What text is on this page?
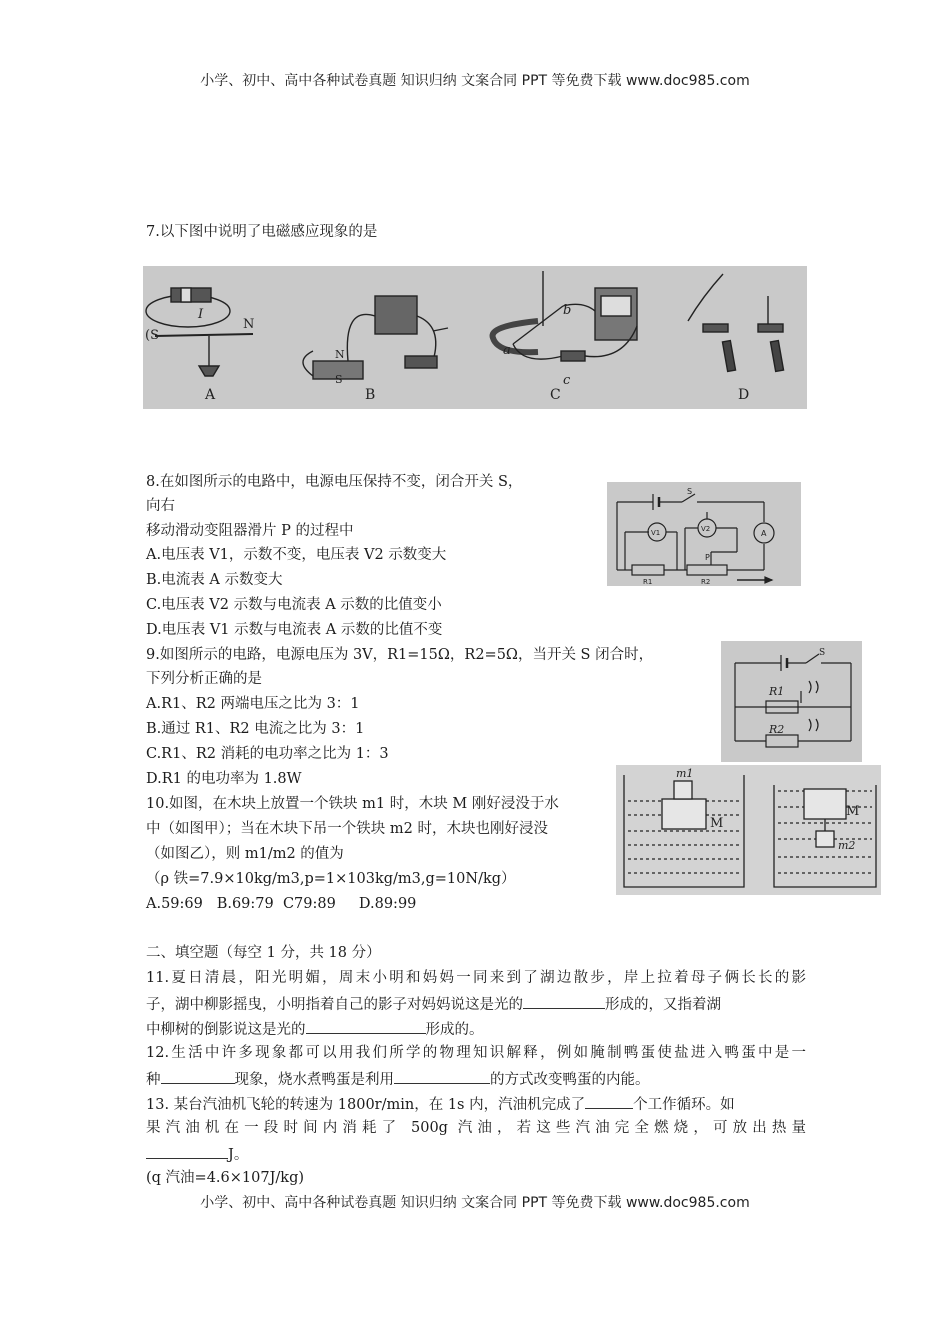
小学、初中、高中各种试卷真题 知识归纳 文案合同 PPT 等免费下载 www.doc985.com
7.以下图中说明了电磁感应现象的是
(S
N
I
N
S
b
a
c
A	B	C	D
8.在如图所示的电路中，电源电压保持不变，闭合开关 S，
向右
移动滑动变阻器滑片 P 的过程中
A.电压表 V1，示数不变，电压表 V2 示数变大
B.电流表 A 示数变大
C.电压表 V2 示数与电流表 A 示数的比值变小
D.电压表 V1 示数与电流表 A 示数的比值不变
S
V1	V2	A
P
R1	R2
9.如图所示的电路，电源电压为 3V，R1=15Ω，R2=5Ω，当开关 S 闭合时，
下列分析正确的是
A.R1、R2 两端电压之比为 3：1
B.通过 R1、R2 电流之比为 3：1
C.R1、R2 消耗的电功率之比为 1：3
D.R1 的电功率为 1.8W
S
R1
R2
10.如图，在木块上放置一个铁块 m1 时，木块 M 刚好浸没于水
中（如图甲）；当在木块下吊一个铁块 m2 时，木块也刚好浸没
（如图乙），则 m1/m2 的值为
（ρ 铁=7.9×10kg/m3,p=1×103kg/m3,g=10N/kg）
A.59:69   B.69:79  C79:89     D.89:99
m1
M
M
m2
二、填空题（每空 1 分，共 18 分）
11.夏日清晨，阳光明媚，周末小明和妈妈一同来到了湖边散步，岸上拉着母子俩长长的影
子，湖中柳影摇曳，小明指着自己的影子对妈妈说这是光的	形成的，又指着湖
中柳树的倒影说这是光的	形成的。
12.生活中许多现象都可以用我们所学的物理知识解释，例如腌制鸭蛋使盐进入鸭蛋中是一
种	现象，烧水煮鸭蛋是利用	的方式改变鸭蛋的内能。
13. 某台汽油机飞轮的转速为 1800r/min，在 1s 内，汽油机完成了	个工作循环。如
果汽油机在一段时间内消耗了 500g 汽油，若这些汽油完全燃烧，可放出热量
J。
(q 汽油=4.6×107J/kg)
小学、初中、高中各种试卷真题 知识归纳 文案合同 PPT 等免费下载 www.doc985.com
